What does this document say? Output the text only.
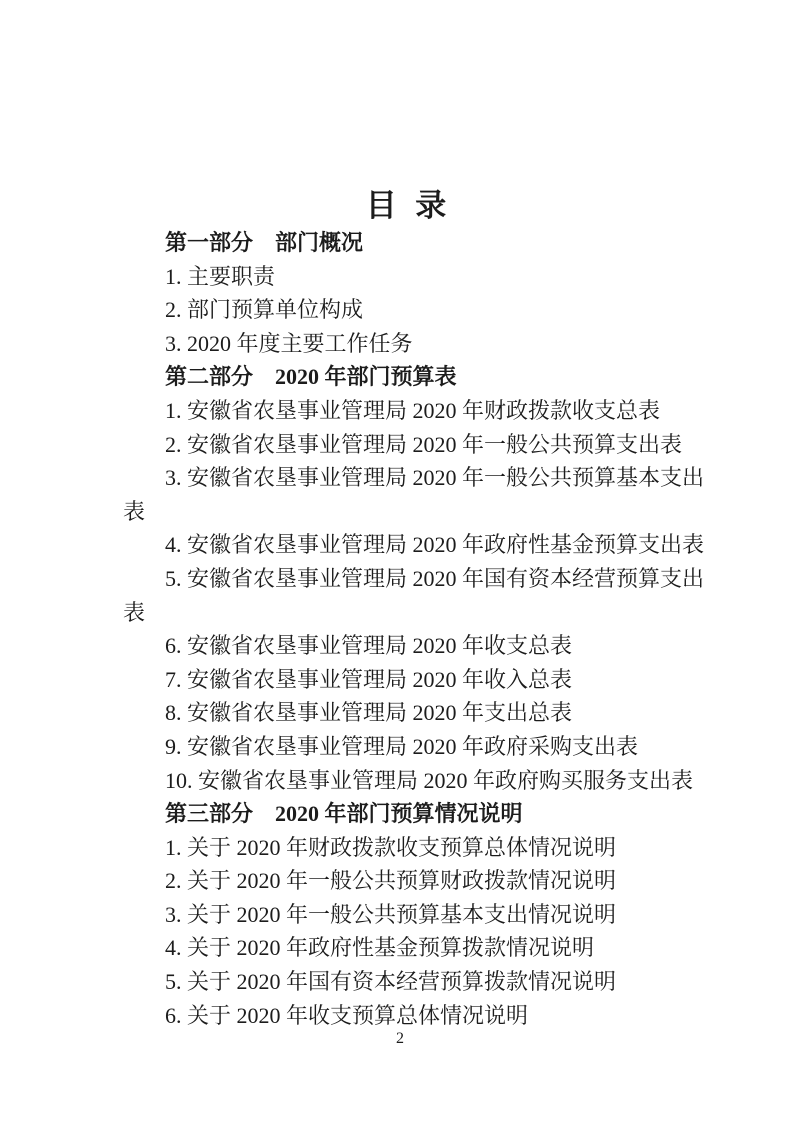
目  录
第一部分　部门概况
1. 主要职责
2. 部门预算单位构成
3. 2020 年度主要工作任务
第二部分　2020 年部门预算表
1. 安徽省农垦事业管理局 2020 年财政拨款收支总表
2. 安徽省农垦事业管理局 2020 年一般公共预算支出表
3. 安徽省农垦事业管理局 2020 年一般公共预算基本支出
表
4. 安徽省农垦事业管理局 2020 年政府性基金预算支出表
5. 安徽省农垦事业管理局 2020 年国有资本经营预算支出
表
6. 安徽省农垦事业管理局 2020 年收支总表
7. 安徽省农垦事业管理局 2020 年收入总表
8. 安徽省农垦事业管理局 2020 年支出总表
9. 安徽省农垦事业管理局 2020 年政府采购支出表
10. 安徽省农垦事业管理局 2020 年政府购买服务支出表
第三部分　2020 年部门预算情况说明
1. 关于 2020 年财政拨款收支预算总体情况说明
2. 关于 2020 年一般公共预算财政拨款情况说明
3. 关于 2020 年一般公共预算基本支出情况说明
4. 关于 2020 年政府性基金预算拨款情况说明
5. 关于 2020 年国有资本经营预算拨款情况说明
6. 关于 2020 年收支预算总体情况说明
2
